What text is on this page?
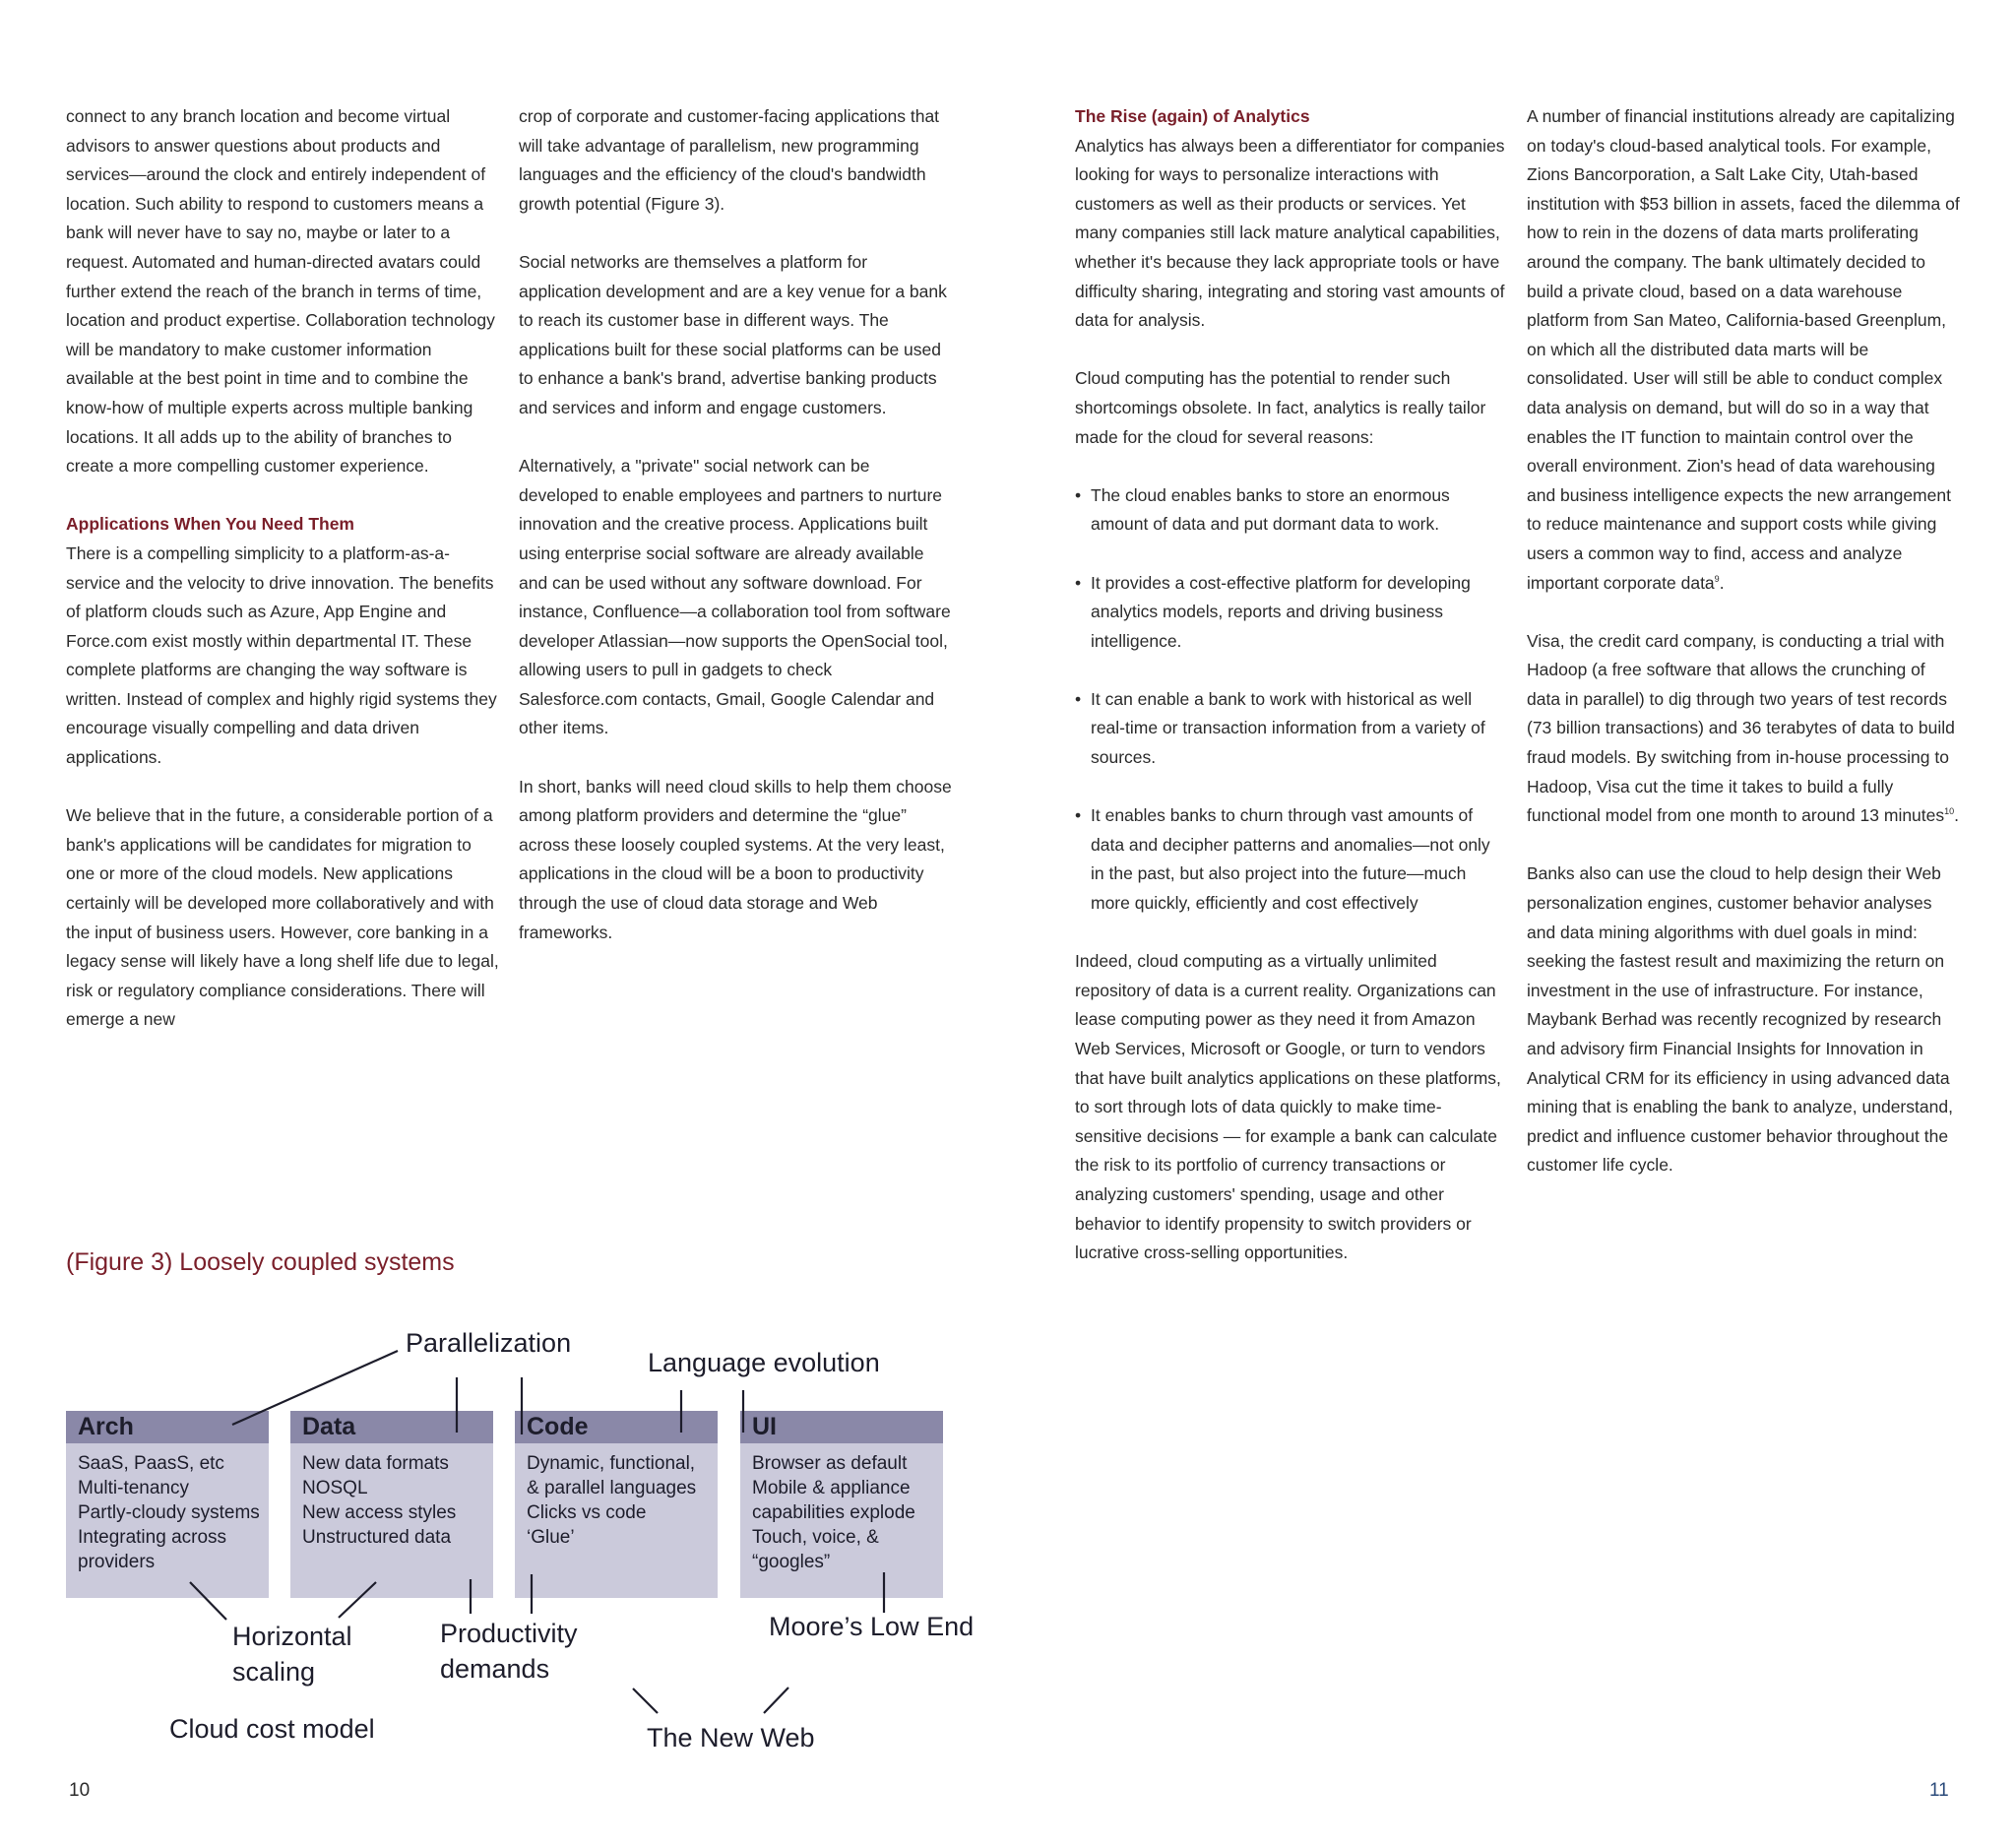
connect to any branch location and become virtual advisors to answer questions about products and services—around the clock and entirely independent of location. Such ability to respond to customers means a bank will never have to say no, maybe or later to a request. Automated and human-directed avatars could further extend the reach of the branch in terms of time, location and product expertise. Collaboration technology will be mandatory to make customer information available at the best point in time and to combine the know-how of multiple experts across multiple banking locations. It all adds up to the ability of branches to create a more compelling customer experience.

Applications When You Need Them

There is a compelling simplicity to a platform-as-a-service and the velocity to drive innovation. The benefits of platform clouds such as Azure, App Engine and Force.com exist mostly within departmental IT. These complete platforms are changing the way software is written. Instead of complex and highly rigid systems they encourage visually compelling and data driven applications.

We believe that in the future, a considerable portion of a bank's applications will be candidates for migration to one or more of the cloud models. New applications certainly will be developed more collaboratively and with the input of business users. However, core banking in a legacy sense will likely have a long shelf life due to legal, risk or regulatory compliance considerations. There will emerge a new

crop of corporate and customer-facing applications that will take advantage of parallelism, new programming languages and the efficiency of the cloud's bandwidth growth potential (Figure 3).

Social networks are themselves a platform for application development and are a key venue for a bank to reach its customer base in different ways. The applications built for these social platforms can be used to enhance a bank's brand, advertise banking products and services and inform and engage customers.

Alternatively, a "private" social network can be developed to enable employees and partners to nurture innovation and the creative process. Applications built using enterprise social software are already available and can be used without any software download. For instance, Confluence—a collaboration tool from software developer Atlassian—now supports the OpenSocial tool, allowing users to pull in gadgets to check Salesforce.com contacts, Gmail, Google Calendar and other items.

In short, banks will need cloud skills to help them choose among platform providers and determine the “glue” across these loosely coupled systems. At the very least, applications in the cloud will be a boon to productivity through the use of cloud data storage and Web frameworks.

The Rise (again) of Analytics

Analytics has always been a differentiator for companies looking for ways to personalize interactions with customers as well as their products or services. Yet many companies still lack mature analytical capabilities, whether it's because they lack appropriate tools or have difficulty sharing, integrating and storing vast amounts of data for analysis.

Cloud computing has the potential to render such shortcomings obsolete. In fact, analytics is really tailor made for the cloud for several reasons:

• The cloud enables banks to store an enormous amount of data and put dormant data to work.
• It provides a cost-effective platform for developing analytics models, reports and driving business intelligence.
• It can enable a bank to work with historical as well real-time or transaction information from a variety of sources.
• It enables banks to churn through vast amounts of data and decipher patterns and anomalies—not only in the past, but also project into the future—much more quickly, efficiently and cost effectively

Indeed, cloud computing as a virtually unlimited repository of data is a current reality. Organizations can lease computing power as they need it from Amazon Web Services, Microsoft or Google, or turn to vendors that have built analytics applications on these platforms, to sort through lots of data quickly to make time-sensitive decisions — for example a bank can calculate the risk to its portfolio of currency transactions or analyzing customers' spending, usage and other behavior to identify propensity to switch providers or lucrative cross-selling opportunities.

A number of financial institutions already are capitalizing on today's cloud-based analytical tools. For example, Zions Bancorporation, a Salt Lake City, Utah-based institution with $53 billion in assets, faced the dilemma of how to rein in the dozens of data marts proliferating around the company. The bank ultimately decided to build a private cloud, based on a data warehouse platform from San Mateo, California-based Greenplum, on which all the distributed data marts will be consolidated. User will still be able to conduct complex data analysis on demand, but will do so in a way that enables the IT function to maintain control over the overall environment. Zion's head of data warehousing and business intelligence expects the new arrangement to reduce maintenance and support costs while giving users a common way to find, access and analyze important corporate data$^9$.

Visa, the credit card company, is conducting a trial with Hadoop (a free software that allows the crunching of data in parallel) to dig through two years of test records (73 billion transactions) and 36 terabytes of data to build fraud models. By switching from in-house processing to Hadoop, Visa cut the time it takes to build a fully functional model from one month to around 13 minutes$^{10}$.

Banks also can use the cloud to help design their Web personalization engines, customer behavior analyses and data mining algorithms with duel goals in mind: seeking the fastest result and maximizing the return on investment in the use of infrastructure. For instance, Maybank Berhad was recently recognized by research and advisory firm Financial Insights for Innovation in Analytical CRM for its efficiency in using advanced data mining that is enabling the bank to analyze, understand, predict and influence customer behavior throughout the customer life cycle.

(Figure 3) Loosely coupled systems
Arch
SaaS, PaasS, etc
Multi-tenancy
Partly-cloudy systems
Integrating across
providers
Data
New data formats
NOSQL
New access styles
Unstructured data
Code
Dynamic, functional,
& parallel languages
Clicks vs code
‘Glue’
UI
Browser as default
Mobile & appliance
capabilities explode
Touch, voice, &
“googles”
Parallelization
Language evolution
Horizontal
scaling
Productivity
demands
Moore’s Low End
Cloud cost model	The New Web
10	11
